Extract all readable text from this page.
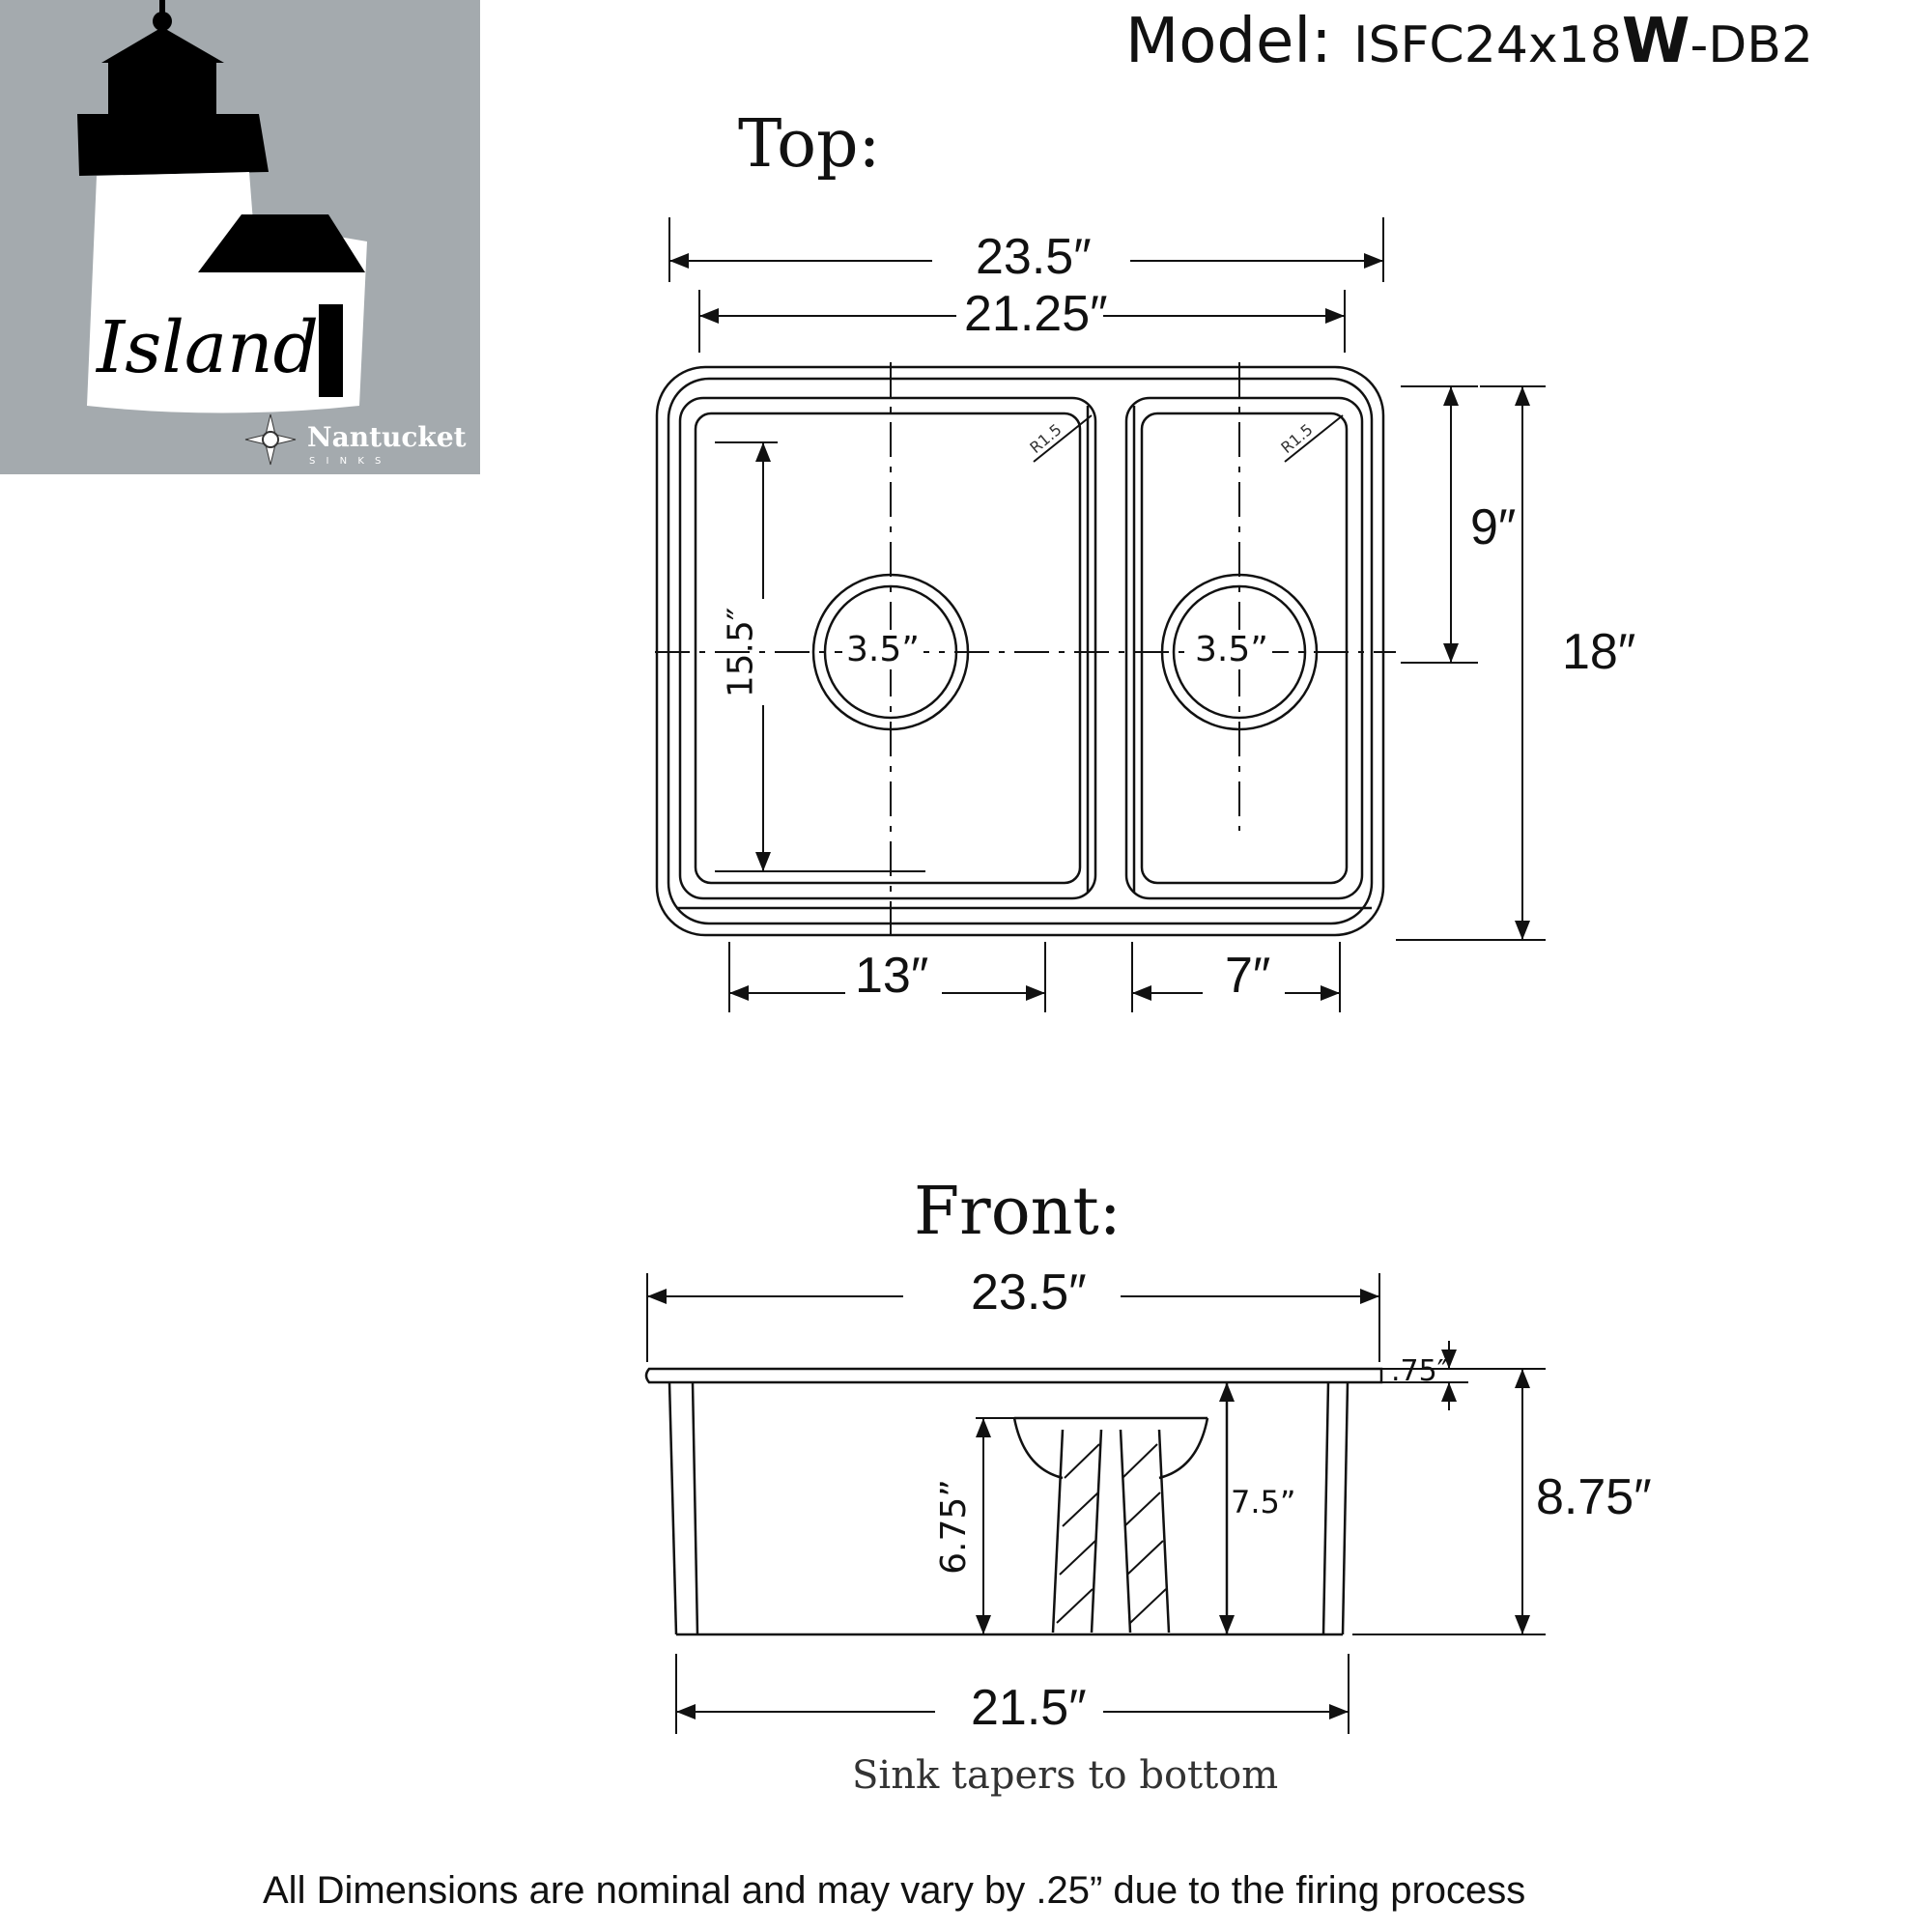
Island
Nantucket
S I N K S
Model: ISFC24x18W-DB2
Top:
Front:
R1.5	R1.5
23.5″
21.25″
13″	7″
9″
18″
15.5″ 3.5”	3.5”
23.5″
.75″
8.75″
6.75”	7.5”
21.5″
Sink tapers to bottom
All Dimensions are nominal and may vary by .25” due to the firing process
